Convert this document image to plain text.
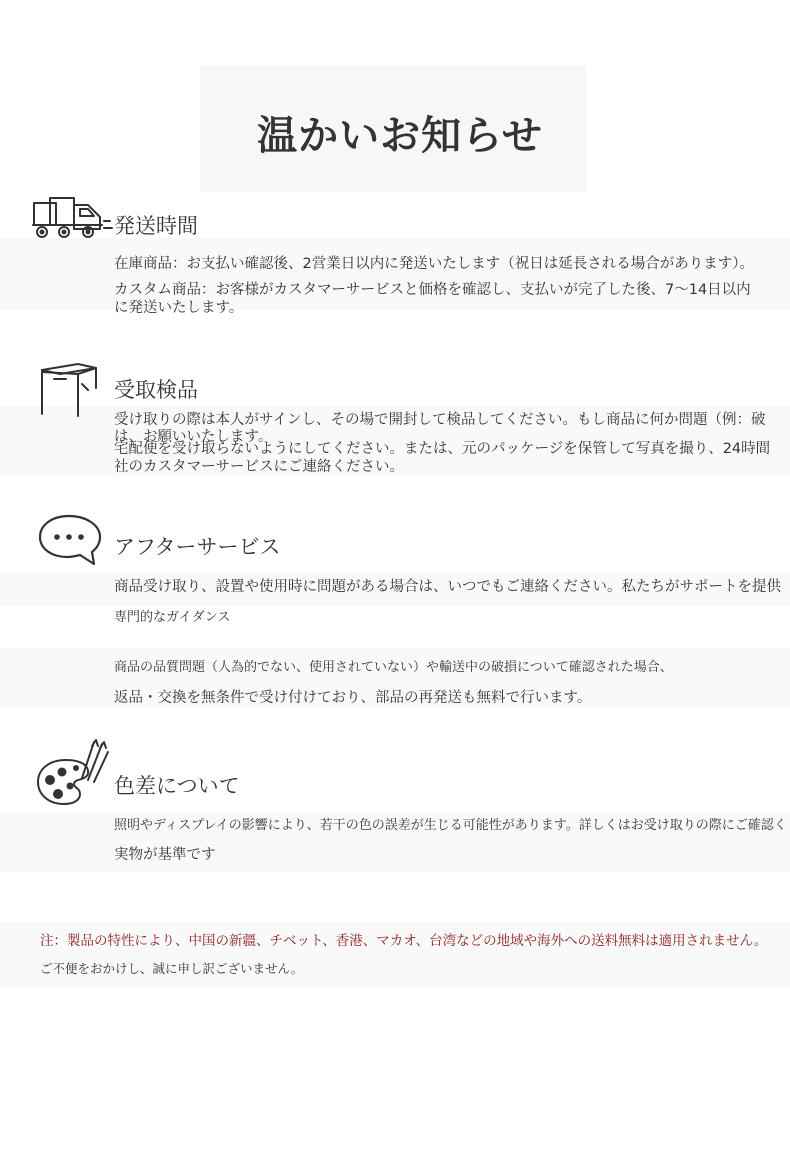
温かいお知らせ
発送時間
在庫商品：お支払い確認後、2営業日以内に発送いたします（祝日は延長される場合があります）。
カスタム商品：お客様がカスタマーサービスと価格を確認し、支払いが完了した後、7〜14日以内
に発送いたします。
受取検品
受け取りの際は本人がサインし、その場で開封して検品してください。もし商品に何か問題（例：破
は、お願いいたします。
宅配便を受け取らないようにしてください。または、元のパッケージを保管して写真を撮り、24時間
社のカスタマーサービスにご連絡ください。
アフターサービス
商品受け取り、設置や使用時に問題がある場合は、いつでもご連絡ください。私たちがサポートを提供
専門的なガイダンス
商品の品質問題（人為的でない、使用されていない）や輸送中の破損について確認された場合、
返品・交換を無条件で受け付けており、部品の再発送も無料で行います。
色差について
照明やディスプレイの影響により、若干の色の誤差が生じる可能性があります。詳しくはお受け取りの際にご確認く
実物が基準です
注：製品の特性により、中国の新疆、チベット、香港、マカオ、台湾などの地域や海外への送料無料は適用されません。
ご不便をおかけし、誠に申し訳ございません。
